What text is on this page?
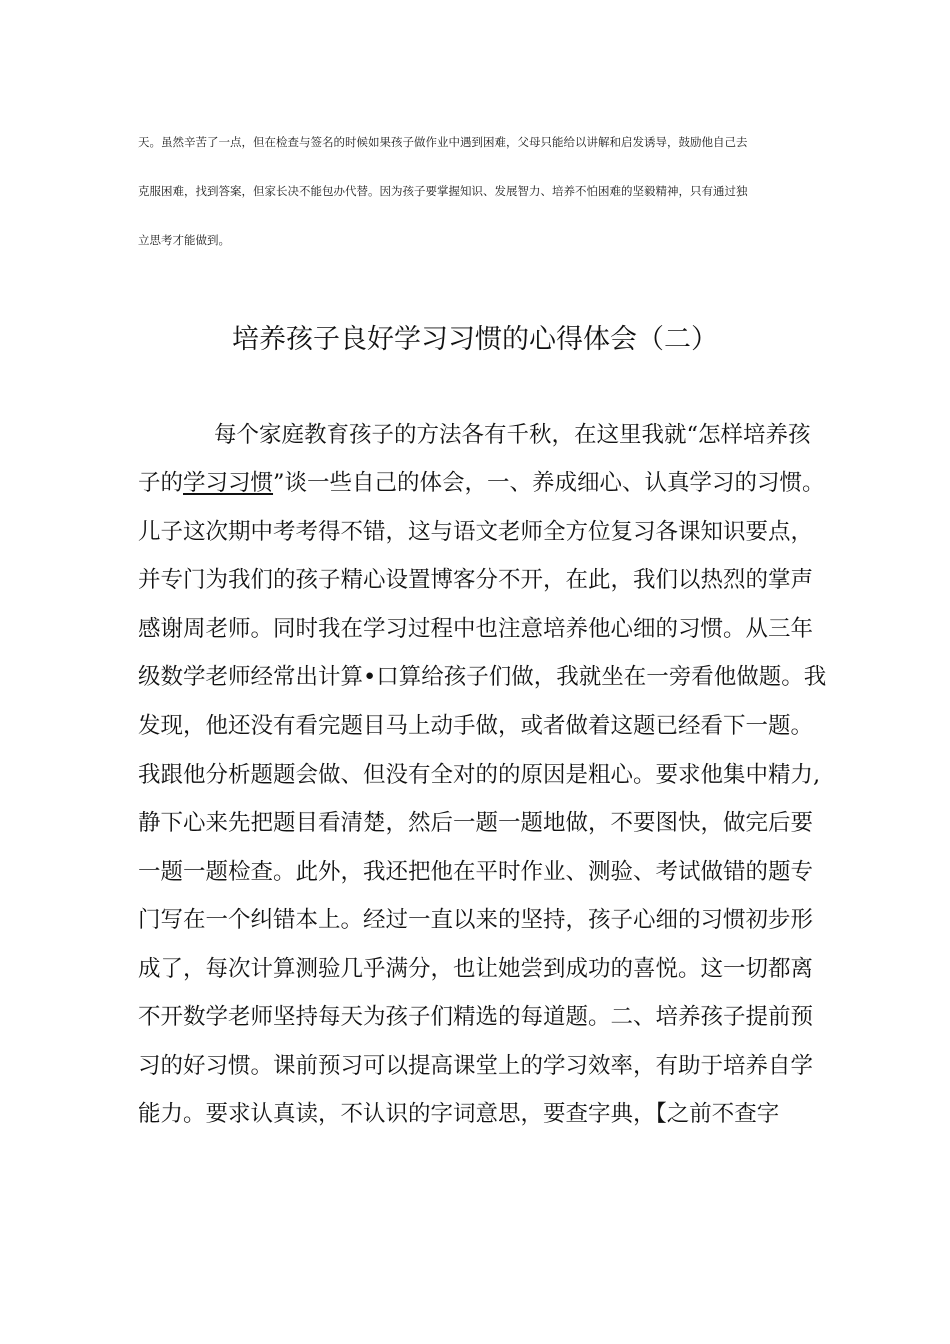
天。虽然辛苦了一点，但在检查与签名的时候如果孩子做作业中遇到困难，父母只能给以讲解和启发诱导，鼓励他自己去
克服困难，找到答案，但家长决不能包办代替。因为孩子要掌握知识、发展智力、培养不怕困难的坚毅精神，只有通过独
立思考才能做到。
培养孩子良好学习习惯的心得体会（二）
每个家庭教育孩子的方法各有千秋，在这里我就“怎样培养孩
子的学习习惯”谈一些自己的体会，一、养成细心、认真学习的习惯。
儿子这次期中考考得不错，这与语文老师全方位复习各课知识要点，
并专门为我们的孩子精心设置博客分不开，在此，我们以热烈的掌声
感谢周老师。同时我在学习过程中也注意培养他心细的习惯。从三年
级数学老师经常出计算•口算给孩子们做，我就坐在一旁看他做题。我
发现，他还没有看完题目马上动手做，或者做着这题已经看下一题。
我跟他分析题题会做、但没有全对的的原因是粗心。要求他集中精力,
静下心来先把题目看清楚，然后一题一题地做，不要图快，做完后要
一题一题检查。此外，我还把他在平时作业、测验、考试做错的题专
门写在一个纠错本上。经过一直以来的坚持，孩子心细的习惯初步形
成了，每次计算测验几乎满分，也让她尝到成功的喜悦。这一切都离
不开数学老师坚持每天为孩子们精选的每道题。二、培养孩子提前预
习的好习惯。课前预习可以提高课堂上的学习效率，有助于培养自学
能力。要求认真读，不认识的字词意思，要查字典，【之前不查字
